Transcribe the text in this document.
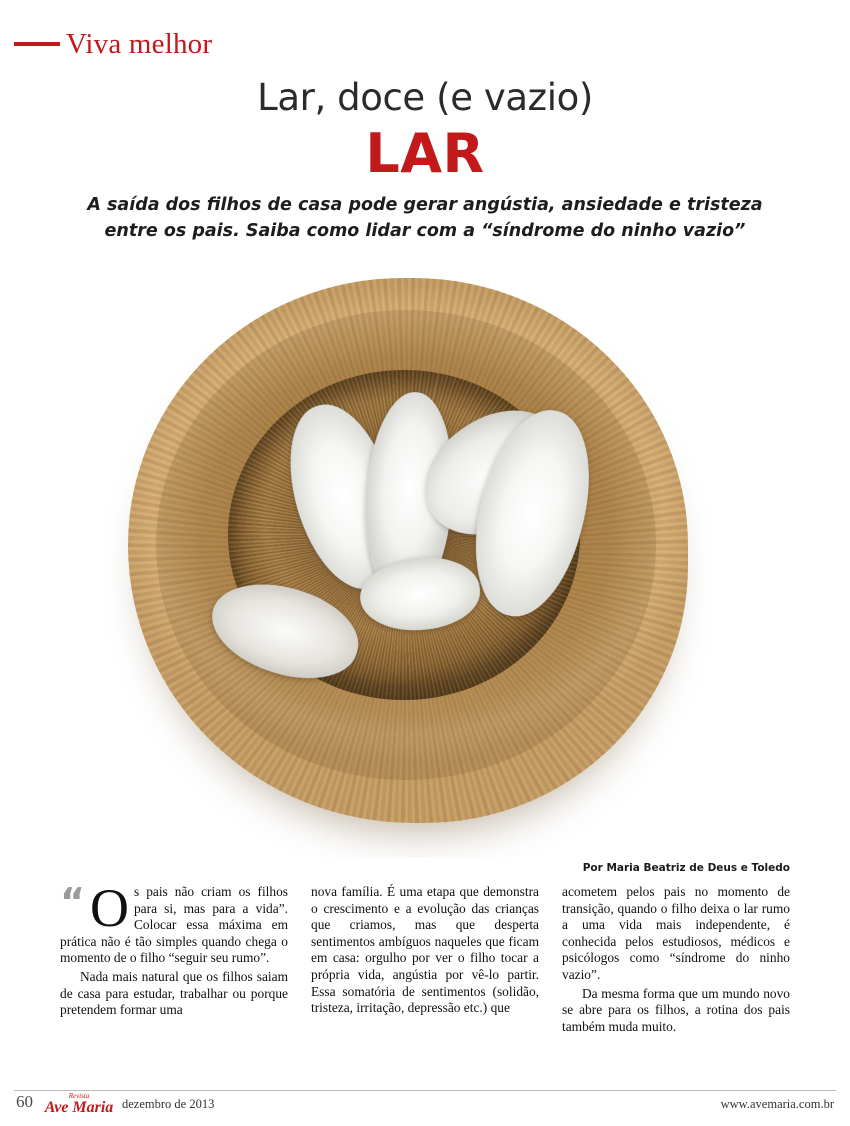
Viva melhor
Lar, doce (e vazio)
LAR
A saída dos filhos de casa pode gerar angústia, ansiedade e tristeza entre os pais. Saiba como lidar com a “síndrome do ninho vazio”
Por Maria Beatriz de Deus e Toledo

“ O s pais não criam os filhos para si, mas para a vida”. Colocar essa máxima em prática não é tão simples quando chega o momento de o filho “seguir seu rumo”.

Nada mais natural que os filhos saiam de casa para estudar, trabalhar ou porque pretendem formar uma

nova família. É uma etapa que demonstra o crescimento e a evolução das crianças que criamos, mas que desperta sentimentos ambíguos naqueles que ficam em casa: orgulho por ver o filho tocar a própria vida, angústia por vê-lo partir. Essa somatória de sentimentos (solidão, tristeza, irritação, depressão etc.) que

acometem pelos pais no momento de transição, quando o filho deixa o lar rumo a uma vida mais independente, é conhecida pelos estudiosos, médicos e psicólogos como “síndrome do ninho vazio”.

Da mesma forma que um mundo novo se abre para os filhos, a rotina dos pais também muda muito.

60	Revista
Ave Maria dezembro de 2013	www.avemaria.com.br
